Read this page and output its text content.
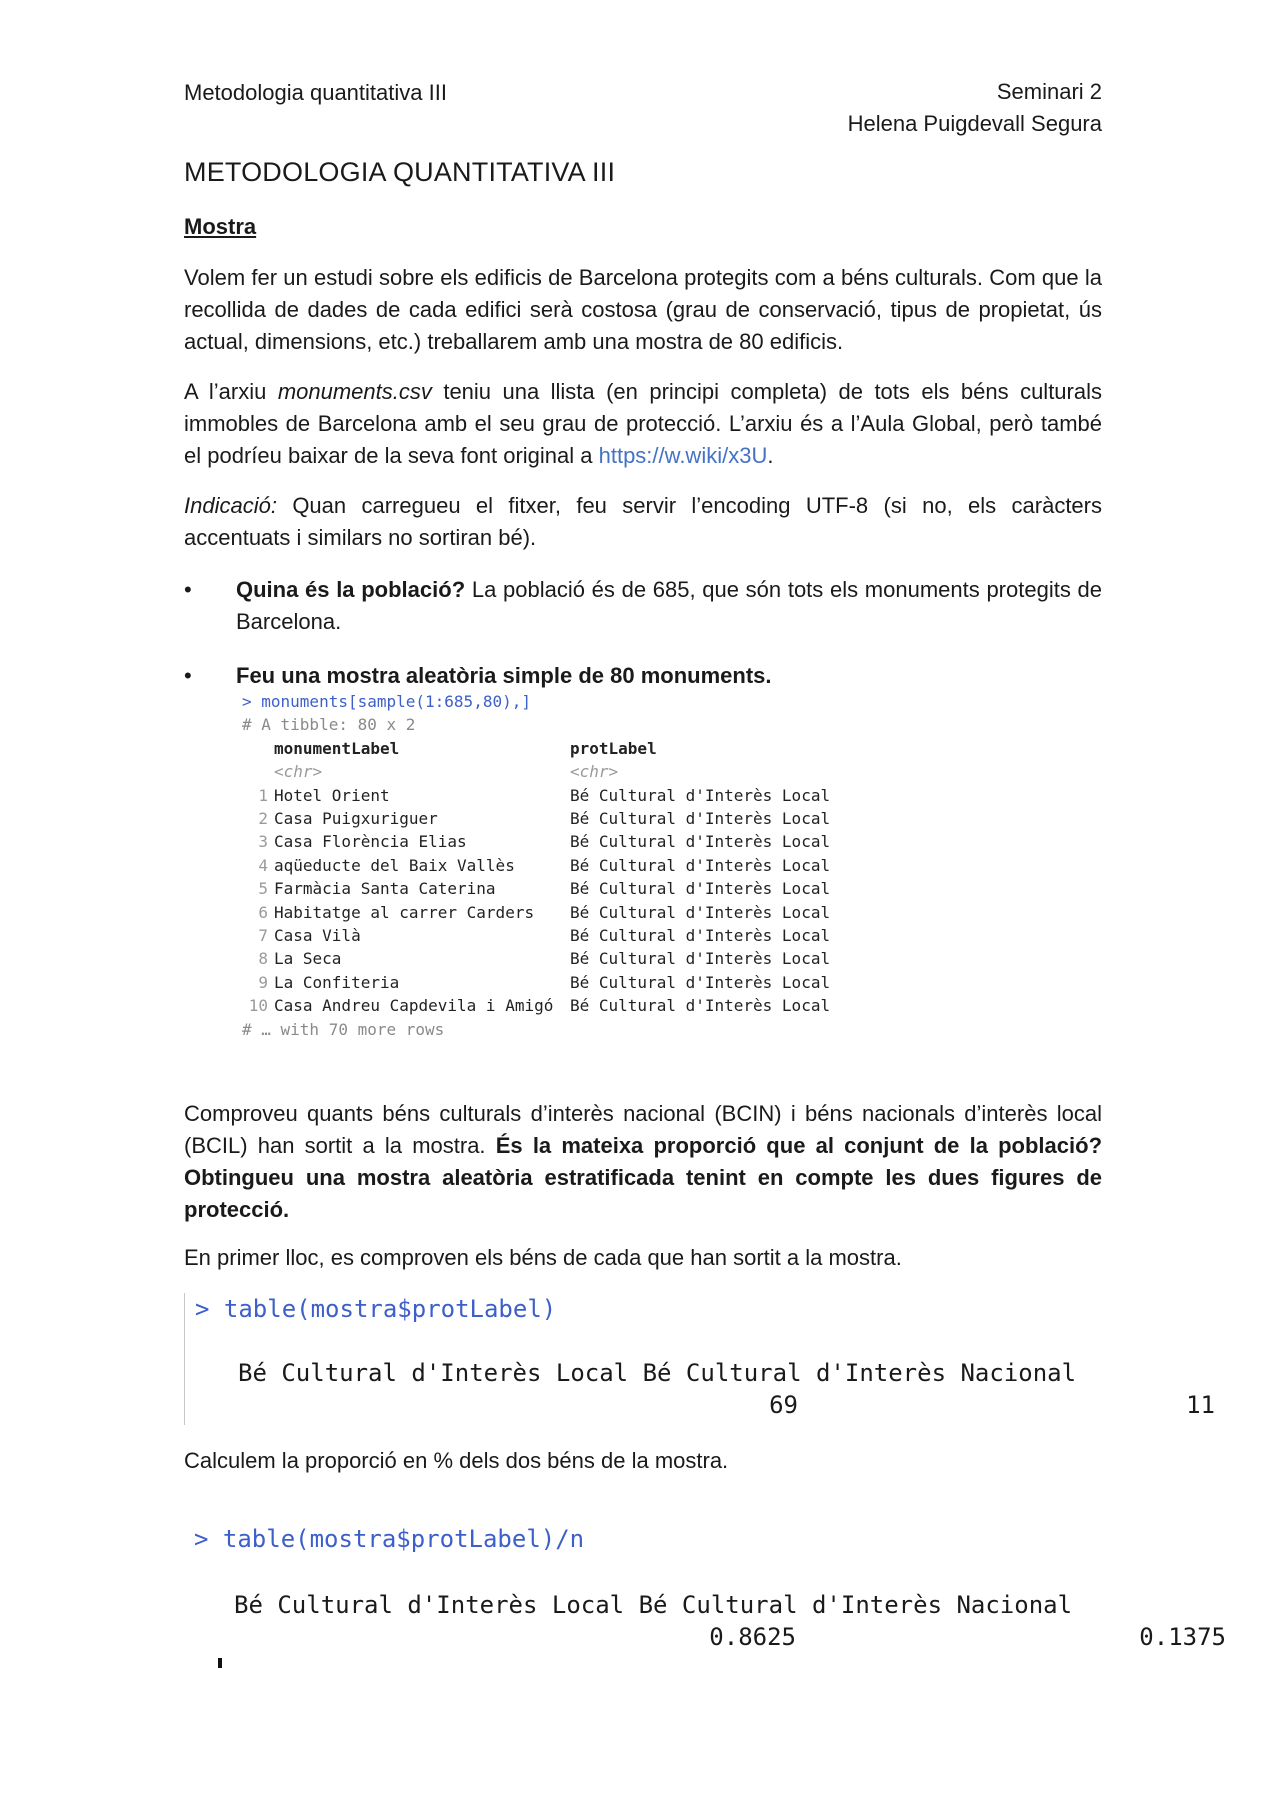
Metodologia quantitativa III	Seminari 2
Helena Puigdevall Segura
METODOLOGIA QUANTITATIVA III
Mostra
Volem fer un estudi sobre els edificis de Barcelona protegits com a béns culturals. Com que la recollida de dades de cada edifici serà costosa (grau de conservació, tipus de propietat, ús actual, dimensions, etc.) treballarem amb una mostra de 80 edificis.
A l’arxiu monuments.csv teniu una llista (en principi completa) de tots els béns culturals immobles de Barcelona amb el seu grau de protecció. L’arxiu és a l’Aula Global, però també el podríeu baixar de la seva font original a https://w.wiki/x3U.
Indicació: Quan carregueu el fitxer, feu servir l’encoding UTF-8 (si no, els caràcters accentuats i similars no sortiran bé).
• Quina és la població? La població és de 685, que són tots els monuments protegits de Barcelona.
• Feu una mostra aleatòria simple de 80 monuments.
> monuments[sample(1:685,80),]
# A tibble: 80 x 2
monumentLabel	protLabel
<chr>	<chr>
1 Hotel Orient	Bé Cultural d'Interès Local
2 Casa Puigxuriguer	Bé Cultural d'Interès Local
3 Casa Florència Elias	Bé Cultural d'Interès Local
4 aqüeducte del Baix Vallès	Bé Cultural d'Interès Local
5 Farmàcia Santa Caterina	Bé Cultural d'Interès Local
6 Habitatge al carrer Carders Bé Cultural d'Interès Local
7 Casa Vilà	Bé Cultural d'Interès Local
8 La Seca	Bé Cultural d'Interès Local
9 La Confiteria	Bé Cultural d'Interès Local
10 Casa Andreu Capdevila i Amigó Bé Cultural d'Interès Local
# … with 70 more rows
Comproveu quants béns culturals d’interès nacional (BCIN) i béns nacionals d’interès local (BCIL) han sortit a la mostra. És la mateixa proporció que al conjunt de la població? Obtingueu una mostra aleatòria estratificada tenint en compte les dues figures de protecció.
En primer lloc, es comproven els béns de cada que han sortit a la mostra.
> table(mostra$protLabel)
Bé Cultural d'Interès Local Bé Cultural d'Interès Nacional
69	11
Calculem la proporció en % dels dos béns de la mostra.
> table(mostra$protLabel)/n
Bé Cultural d'Interès Local Bé Cultural d'Interès Nacional
0.8625	0.1375
